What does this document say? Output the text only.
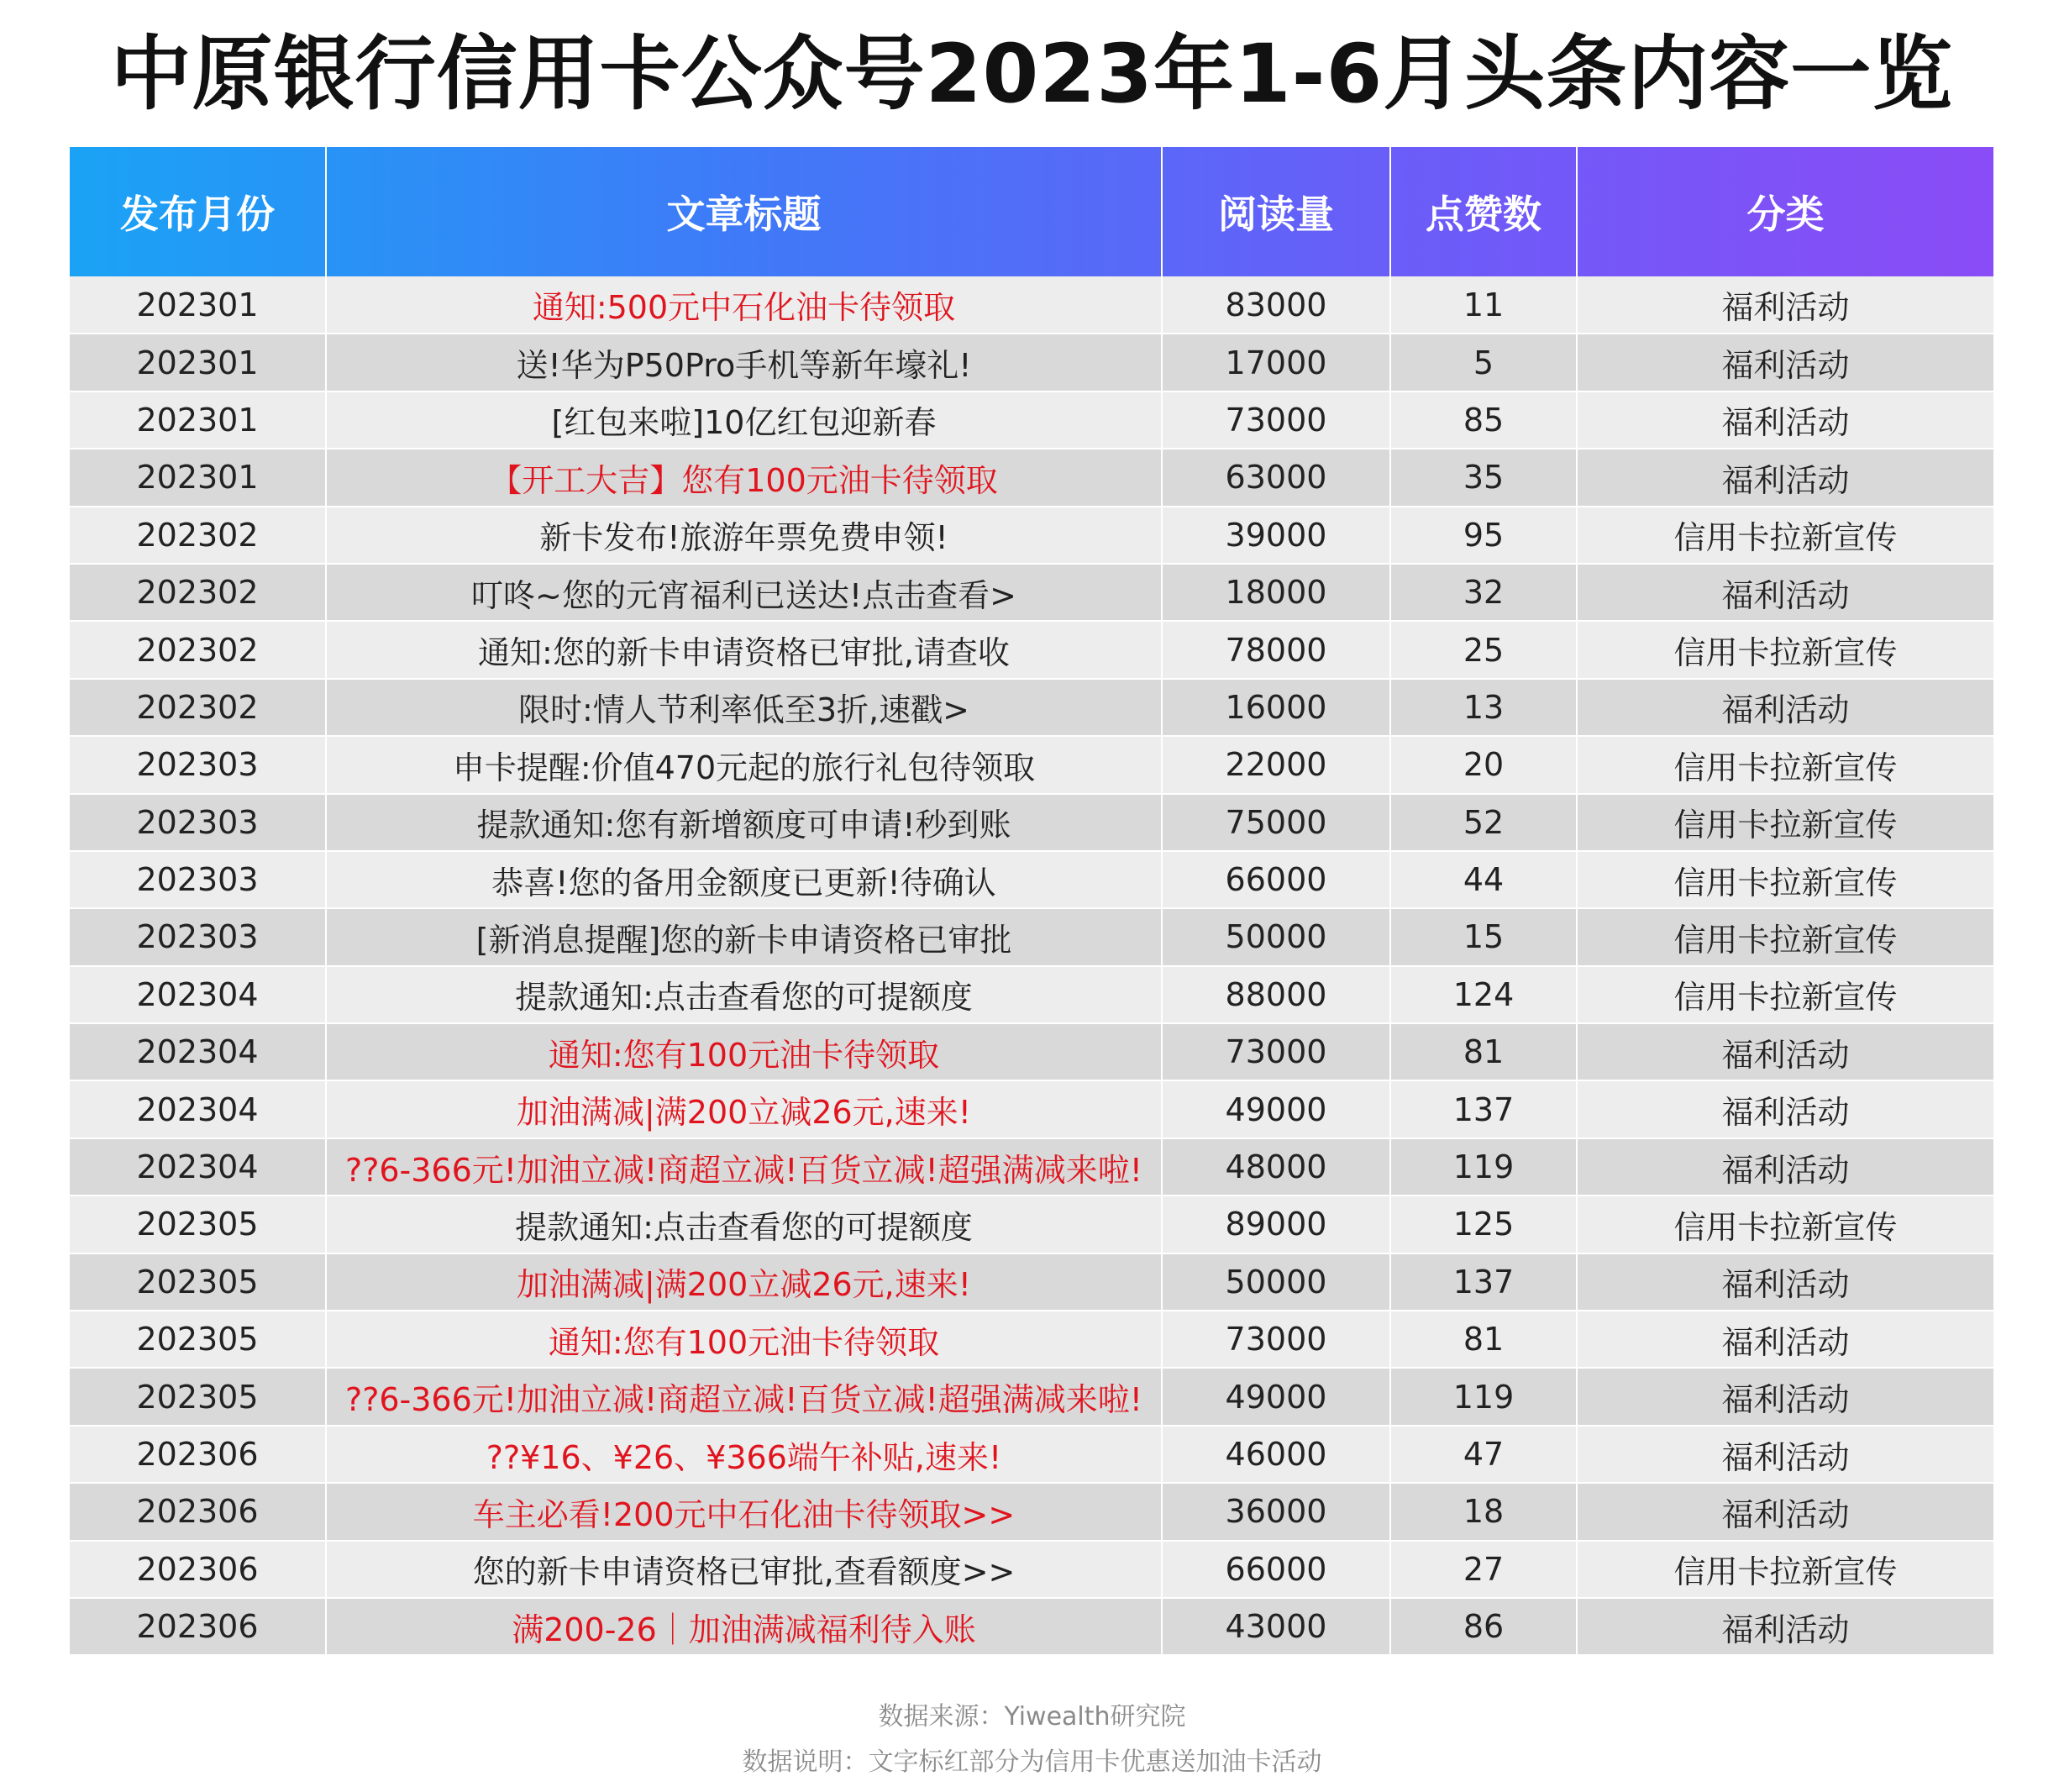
中原银行信用卡公众号2023年1-6月头条内容一览
发布月份	文章标题	阅读量	点赞数	分类
202301	通知:500元中石化油卡待领取	83000	11	福利活动
202301	送!华为P50Pro手机等新年壕礼!	17000	5	福利活动
202301	[红包来啦]10亿红包迎新春	73000	85	福利活动
202301	【开工大吉】您有100元油卡待领取	63000	35	福利活动
202302	新卡发布!旅游年票免费申领!	39000	95	信用卡拉新宣传
202302	叮咚~您的元宵福利已送达!点击查看>	18000	32	福利活动
202302	通知:您的新卡申请资格已审批,请查收	78000	25	信用卡拉新宣传
202302	限时:情人节利率低至3折,速戳>	16000	13	福利活动
202303	申卡提醒:价值470元起的旅行礼包待领取	22000	20	信用卡拉新宣传
202303	提款通知:您有新增额度可申请!秒到账	75000	52	信用卡拉新宣传
202303	恭喜!您的备用金额度已更新!待确认	66000	44	信用卡拉新宣传
202303	[新消息提醒]您的新卡申请资格已审批	50000	15	信用卡拉新宣传
202304	提款通知:点击查看您的可提额度	88000	124	信用卡拉新宣传
202304	通知:您有100元油卡待领取	73000	81	福利活动
202304	加油满减|满200立减26元,速来!	49000	137	福利活动
202304	??6-366元!加油立减!商超立减!百货立减!超强满减来啦!	48000	119	福利活动
202305	提款通知:点击查看您的可提额度	89000	125	信用卡拉新宣传
202305	加油满减|满200立减26元,速来!	50000	137	福利活动
202305	通知:您有100元油卡待领取	73000	81	福利活动
202305	??6-366元!加油立减!商超立减!百货立减!超强满减来啦!	49000	119	福利活动
202306	??¥16、¥26、¥366端午补贴,速来!	46000	47	福利活动
202306	车主必看!200元中石化油卡待领取>>	36000	18	福利活动
202306	您的新卡申请资格已审批,查看额度>>	66000	27	信用卡拉新宣传
202306	满200-26｜加油满减福利待入账	43000	86	福利活动
数据来源：Yiwealth研究院
数据说明：文字标红部分为信用卡优惠送加油卡活动
